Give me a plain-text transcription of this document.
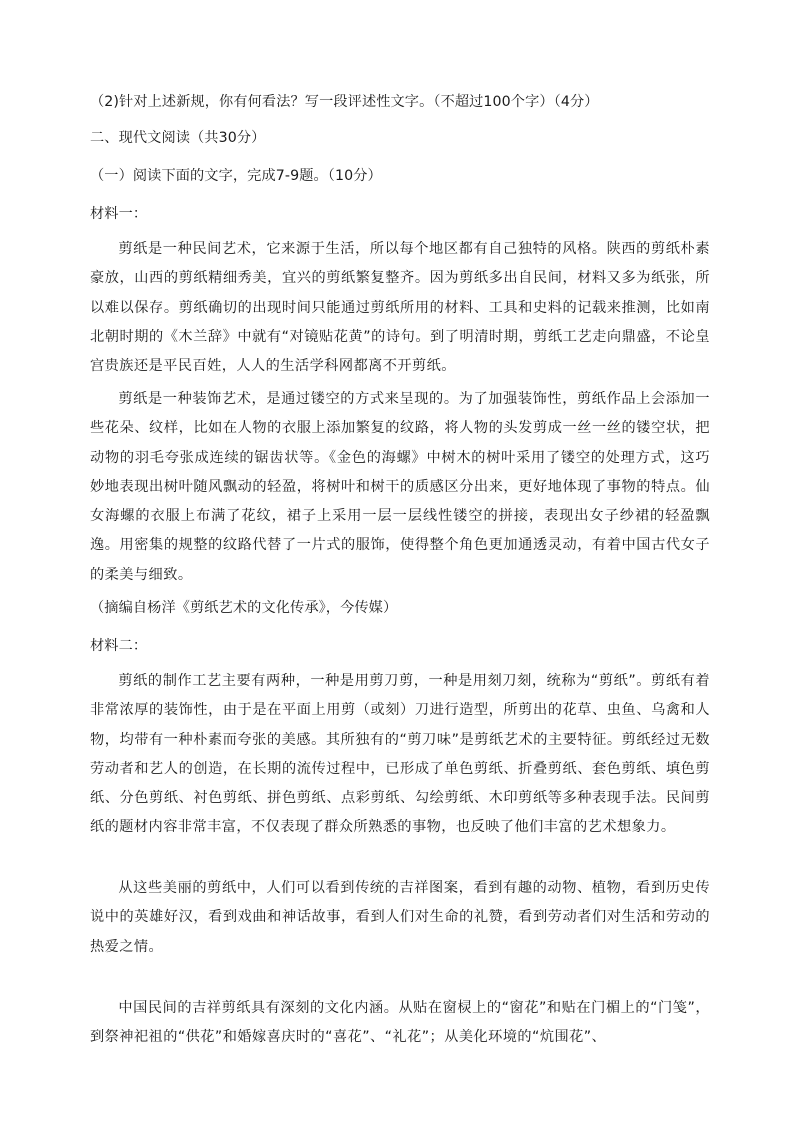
（2)针对上述新规，你有何看法？写一段评述性文字。（不超过100个字）（4分）
二、现代文阅读（共30分）
（一）阅读下面的文字，完成7-9题。（10分）
材料一：

剪纸是一种民间艺术，它来源于生活，所以每个地区都有自己独特的风格。陕西的剪纸朴素豪放，山西的剪纸精细秀美，宜兴的剪纸繁复整齐。因为剪纸多出自民间，材料又多为纸张，所以难以保存。剪纸确切的出现时间只能通过剪纸所用的材料、工具和史料的记载来推测，比如南北朝时期的《木兰辞》中就有“对镜贴花黄”的诗句。到了明清时期，剪纸工艺走向鼎盛，不论皇宫贵族还是平民百姓，人人的生活学科网都离不开剪纸。

剪纸是一种装饰艺术，是通过镂空的方式来呈现的。为了加强装饰性，剪纸作品上会添加一些花朵、纹样，比如在人物的衣服上添加繁复的纹路，将人物的头发剪成一丝一丝的镂空状，把动物的羽毛夸张成连续的锯齿状等。《金色的海螺》中树木的树叶采用了镂空的处理方式，这巧妙地表现出树叶随风飘动的轻盈，将树叶和树干的质感区分出来，更好地体现了事物的特点。仙女海螺的衣服上布满了花纹，裙子上采用一层一层线性镂空的拼接，表现出女子纱裙的轻盈飘逸。用密集的规整的纹路代替了一片式的服饰，使得整个角色更加通透灵动，有着中国古代女子的柔美与细致。

（摘编自杨洋《剪纸艺术的文化传承》，今传媒）
材料二：

剪纸的制作工艺主要有两种，一种是用剪刀剪，一种是用刻刀刻，统称为“剪纸”。剪纸有着非常浓厚的装饰性，由于是在平面上用剪（或刻）刀进行造型，所剪出的花草、虫鱼、乌禽和人物，均带有一种朴素而夸张的美感。其所独有的“剪刀味”是剪纸艺术的主要特征。剪纸经过无数劳动者和艺人的创造，在长期的流传过程中，已形成了单色剪纸、折叠剪纸、套色剪纸、填色剪纸、分色剪纸、衬色剪纸、拼色剪纸、点彩剪纸、勾绘剪纸、木印剪纸等多种表现手法。民间剪纸的题材内容非常丰富，不仅表现了群众所熟悉的事物，也反映了他们丰富的艺术想象力。

从这些美丽的剪纸中，人们可以看到传统的吉祥图案，看到有趣的动物、植物，看到历史传说中的英雄好汉，看到戏曲和神话故事，看到人们对生命的礼赞，看到劳动者们对生活和劳动的热爱之情。

中国民间的吉祥剪纸具有深刻的文化内涵。从贴在窗棂上的“窗花”和贴在门楣上的“门笺”，到祭神祀祖的“供花”和婚嫁喜庆时的“喜花”、“礼花”；从美化环境的“炕围花”、
